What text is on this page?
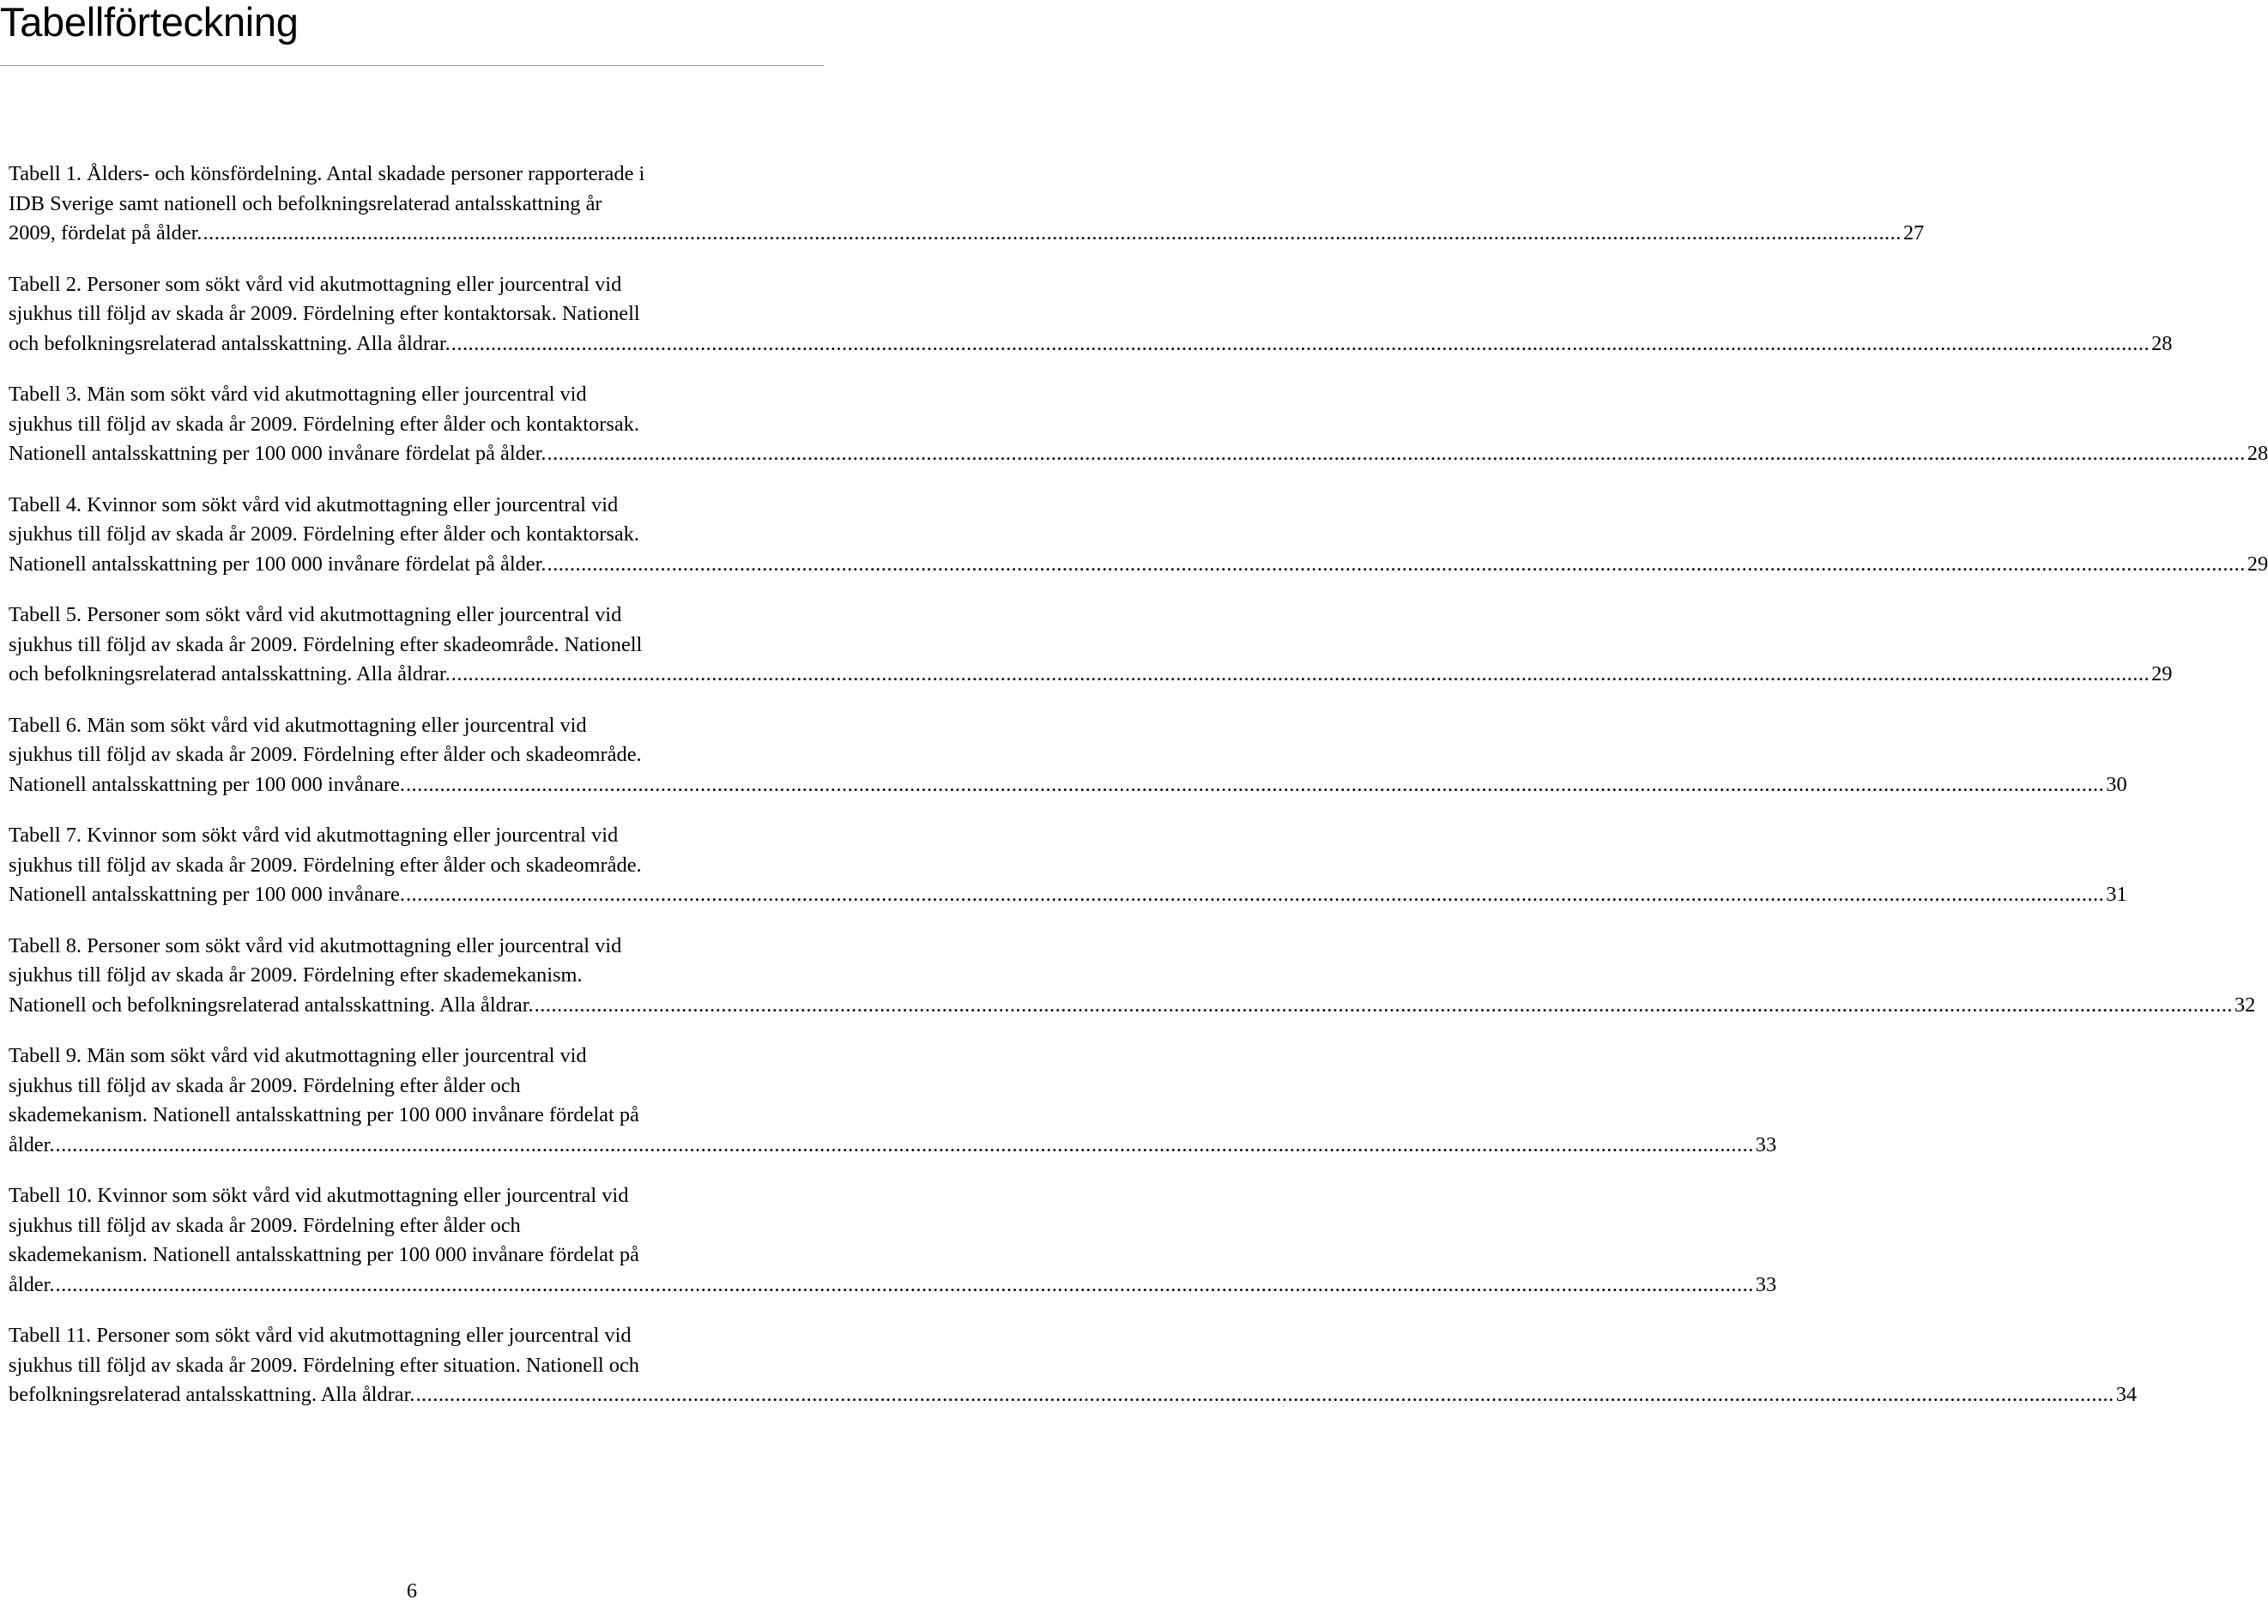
Tabellförteckning
Tabell 1. Ålders- och könsfördelning. Antal skadade personer rapporterade i
IDB Sverige samt nationell och befolkningsrelaterad antalsskattning år
2009, fördelat på ålder. ............................................................................................................................................................................................................................................................................................................ 27
Tabell 2. Personer som sökt vård vid akutmottagning eller jourcentral vid
sjukhus till följd av skada år 2009. Fördelning efter kontaktorsak. Nationell
och befolkningsrelaterad antalsskattning. Alla åldrar. ............................................................................................................................................................................................................................................................................................................ 28
Tabell 3. Män som sökt vård vid akutmottagning eller jourcentral vid
sjukhus till följd av skada år 2009. Fördelning efter ålder och kontaktorsak.
Nationell antalsskattning per 100 000 invånare fördelat på ålder. ............................................................................................................................................................................................................................................................................................................ 28
Tabell 4. Kvinnor som sökt vård vid akutmottagning eller jourcentral vid
sjukhus till följd av skada år 2009. Fördelning efter ålder och kontaktorsak.
Nationell antalsskattning per 100 000 invånare fördelat på ålder. ............................................................................................................................................................................................................................................................................................................ 29
Tabell 5. Personer som sökt vård vid akutmottagning eller jourcentral vid
sjukhus till följd av skada år 2009. Fördelning efter skadeområde. Nationell
och befolkningsrelaterad antalsskattning. Alla åldrar. ............................................................................................................................................................................................................................................................................................................ 29
Tabell 6. Män som sökt vård vid akutmottagning eller jourcentral vid
sjukhus till följd av skada år 2009. Fördelning efter ålder och skadeområde.
Nationell antalsskattning per 100 000 invånare. ............................................................................................................................................................................................................................................................................................................ 30
Tabell 7. Kvinnor som sökt vård vid akutmottagning eller jourcentral vid
sjukhus till följd av skada år 2009. Fördelning efter ålder och skadeområde.
Nationell antalsskattning per 100 000 invånare. ............................................................................................................................................................................................................................................................................................................ 31
Tabell 8. Personer som sökt vård vid akutmottagning eller jourcentral vid
sjukhus till följd av skada år 2009. Fördelning efter skademekanism.
Nationell och befolkningsrelaterad antalsskattning. Alla åldrar. ............................................................................................................................................................................................................................................................................................................ 32
Tabell 9. Män som sökt vård vid akutmottagning eller jourcentral vid
sjukhus till följd av skada år 2009. Fördelning efter ålder och
skademekanism. Nationell antalsskattning per 100 000 invånare fördelat på
ålder. ............................................................................................................................................................................................................................................................................................................ 33
Tabell 10. Kvinnor som sökt vård vid akutmottagning eller jourcentral vid
sjukhus till följd av skada år 2009. Fördelning efter ålder och
skademekanism. Nationell antalsskattning per 100 000 invånare fördelat på
ålder. ............................................................................................................................................................................................................................................................................................................ 33
Tabell 11. Personer som sökt vård vid akutmottagning eller jourcentral vid
sjukhus till följd av skada år 2009. Fördelning efter situation. Nationell och
befolkningsrelaterad antalsskattning. Alla åldrar. ............................................................................................................................................................................................................................................................................................................ 34
6
